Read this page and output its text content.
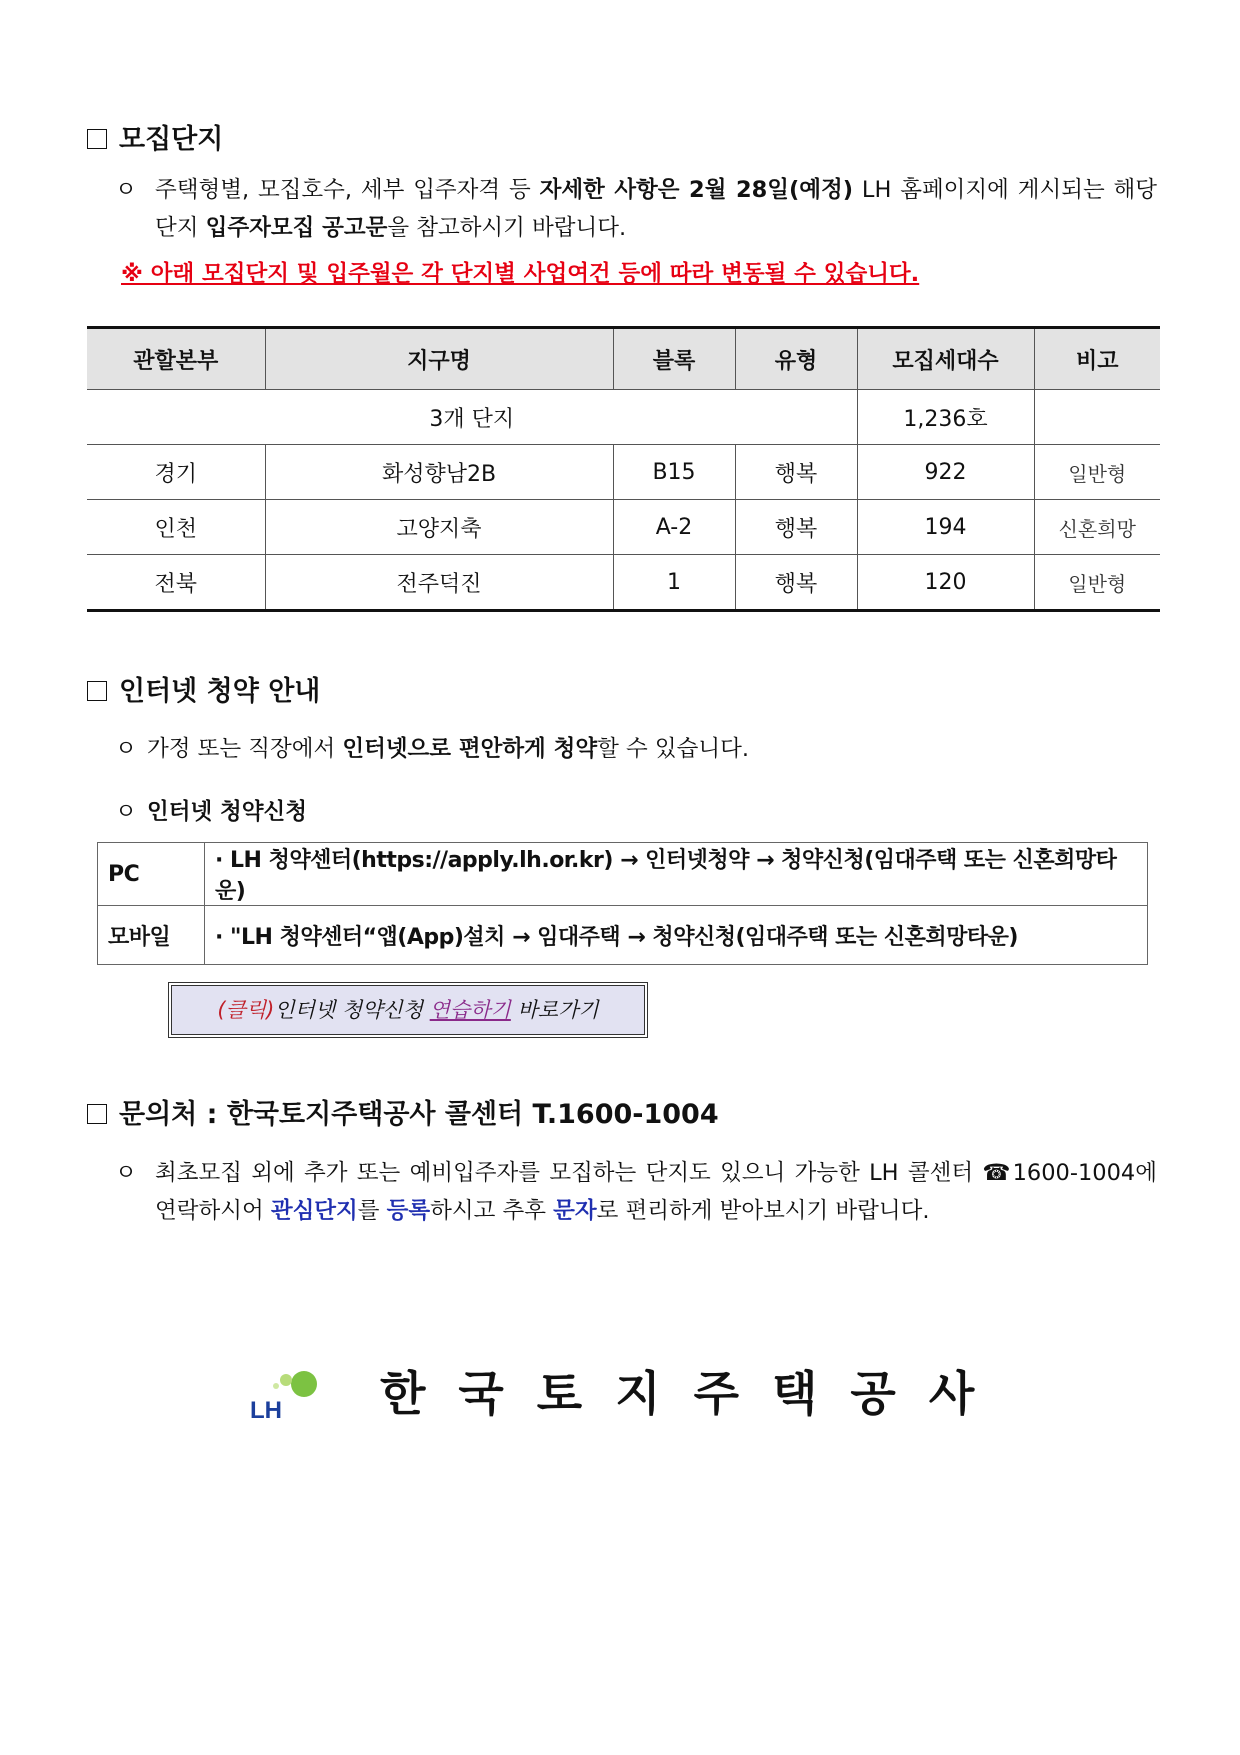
모집단지
ㅇ 주택형별, 모집호수, 세부 입주자격 등 자세한 사항은 2월 28일(예정) LH 홈페이지에 게시되는 해당 단지 입주자모집 공고문을 참고하시기 바랍니다.
※ 아래 모집단지 및 입주월은 각 단지별 사업여건 등에 따라 변동될 수 있습니다.
관할본부	지구명	블록	유형	모집세대수	비고
3개 단지				1,236호	
경기	화성향남2B	B15	행복	922	일반형
인천	고양지축	A-2	행복	194	신혼희망
전북	전주덕진	1	행복	120	일반형
인터넷 청약 안내
ㅇ 가정 또는 직장에서 인터넷으로 편안하게 청약할 수 있습니다.
ㅇ 인터넷 청약신청
PC	· LH 청약센터(https://apply.lh.or.kr) → 인터넷청약 → 청약신청(임대주택 또는 신혼희망타운)
모바일	· "LH 청약센터“앱(App)설치 → 임대주택 → 청약신청(임대주택 또는 신혼희망타운)
(클릭)인터넷 청약신청 연습하기 바로가기
문의처 : 한국토지주택공사 콜센터 T.1600-1004
ㅇ 최초모집 외에 추가 또는 예비입주자를 모집하는 단지도 있으니 가능한 LH 콜센터 ☎1600-1004에 연락하시어 관심단지를 등록하시고 추후 문자로 편리하게 받아보시기 바랍니다.
LH 한국토지주택공사
